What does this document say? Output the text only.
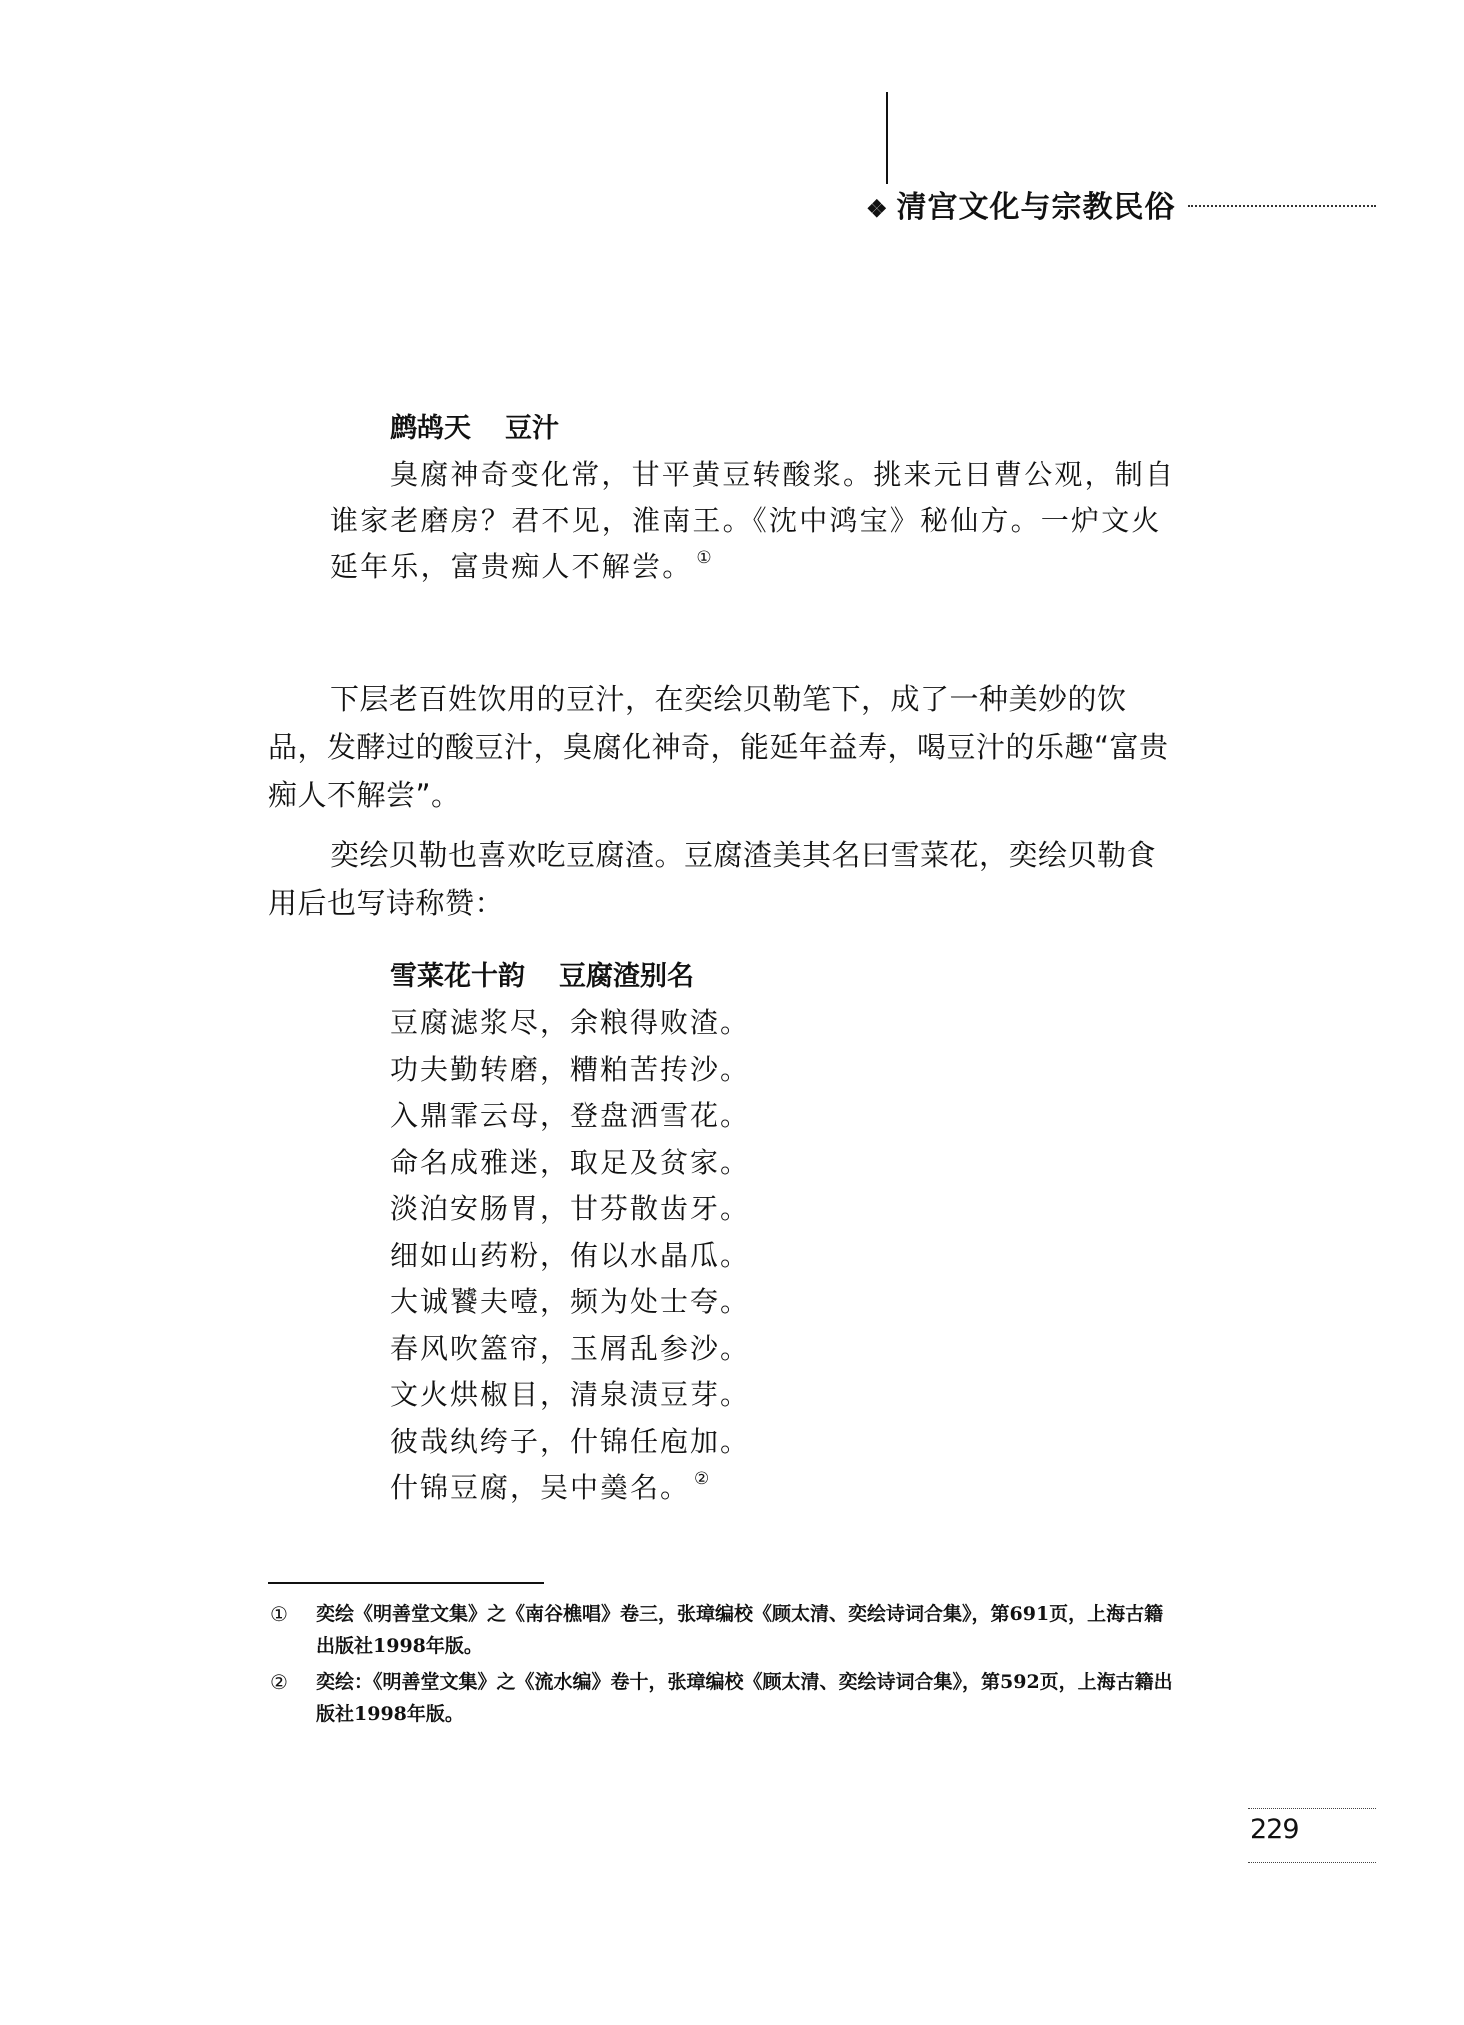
❖ 清宫文化与宗教民俗
鹧鸪天 豆汁
臭腐神奇变化常，甘平黄豆转酸浆。挑来元日曹公观，制自谁家老磨房？君不见，淮南王。《沈中鸿宝》秘仙方。一炉文火延年乐，富贵痴人不解尝。 ①

下层老百姓饮用的豆汁，在奕绘贝勒笔下，成了一种美妙的饮品，发酵过的酸豆汁，臭腐化神奇，能延年益寿，喝豆汁的乐趣“富贵痴人不解尝”。

奕绘贝勒也喜欢吃豆腐渣。豆腐渣美其名曰雪菜花，奕绘贝勒食用后也写诗称赞：

雪菜花十韵 豆腐渣别名
豆腐滤浆尽，余粮得败渣。
功夫勤转磨，糟粕苦抟沙。
入鼎霏云母，登盘洒雪花。
命名成雅迷，取足及贫家。
淡泊安肠胃，甘芬散齿牙。
细如山药粉，侑以水晶瓜。
大诚饕夫噎，频为处士夸。
春风吹篕帘，玉屑乱参沙。
文火烘椒目，清泉渍豆芽。
彼哉纨绔子，什锦任庖加。
什锦豆腐，吴中羮名。 ②
① 奕绘《明善堂文集》之《南谷樵唱》卷三，张璋编校《顾太清、奕绘诗词合集》，第691页，上海古籍出版社1998年版。
② 奕绘：《明善堂文集》之《流水编》卷十，张璋编校《顾太清、奕绘诗词合集》，第592页，上海古籍出版社1998年版。
229
